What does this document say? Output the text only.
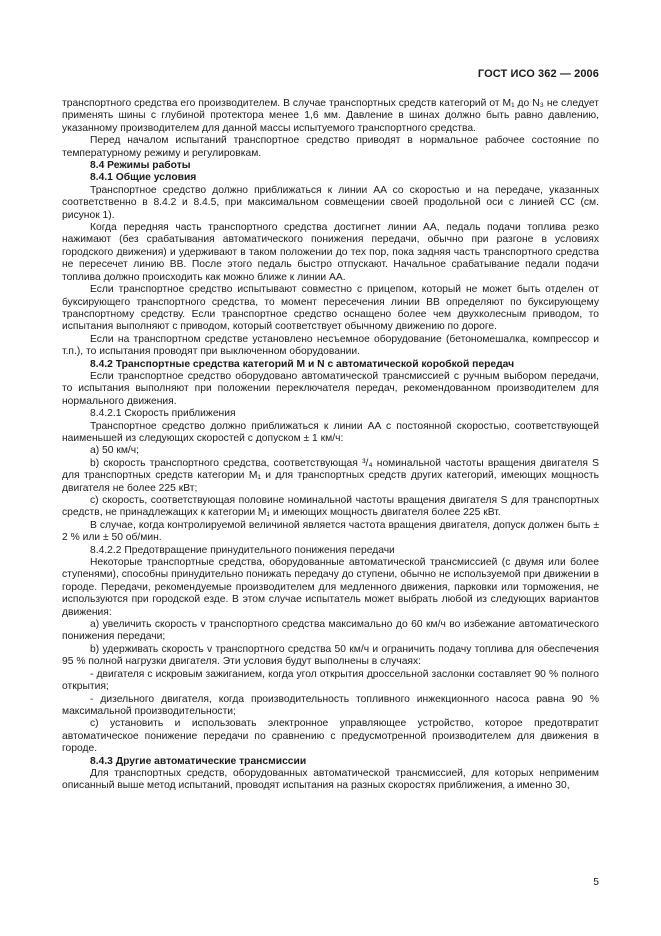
ГОСТ ИСО 362 — 2006

транспортного средства его производителем. В случае транспортных средств категорий от M₁ до N₃ не следует применять шины с глубиной протектора менее 1,6 мм. Давление в шинах должно быть равно давлению, указанному производителем для данной массы испытуемого транспортного средства.

Перед началом испытаний транспортное средство приводят в нормальное рабочее состояние по температурному режиму и регулировкам.

8.4 Режимы работы

8.4.1 Общие условия

Транспортное средство должно приближаться к линии AA со скоростью и на передаче, указанных соответственно в 8.4.2 и 8.4.5, при максимальном совмещении своей продольной оси с линией CC (см. рисунок 1).

Когда передняя часть транспортного средства достигнет линии AA, педаль подачи топлива резко нажимают (без срабатывания автоматического понижения передачи, обычно при разгоне в условиях городского движения) и удерживают в таком положении до тех пор, пока задняя часть транспортного средства не пересечет линию BB. После этого педаль быстро отпускают. Начальное срабатывание педали подачи топлива должно происходить как можно ближе к линии AA.

Если транспортное средство испытывают совместно с прицепом, который не может быть отделен от буксирующего транспортного средства, то момент пересечения линии BB определяют по буксирующему транспортному средству. Если транспортное средство оснащено более чем двухколесным приводом, то испытания выполняют с приводом, который соответствует обычному движению по дороге.

Если на транспортном средстве установлено несъемное оборудование (бетономешалка, компрессор и т.п.), то испытания проводят при выключенном оборудовании.

8.4.2 Транспортные средства категорий M и N с автоматической коробкой передач

Если транспортное средство оборудовано автоматической трансмиссией с ручным выбором передачи, то испытания выполняют при положении переключателя передач, рекомендованном производителем для нормального движения.

8.4.2.1 Скорость приближения

Транспортное средство должно приближаться к линии AA с постоянной скоростью, соответствующей наименьшей из следующих скоростей с допуском ± 1 км/ч:

a) 50 км/ч;

b) скорость транспортного средства, соответствующая ³/₄ номинальной частоты вращения двигателя S для транспортных средств категории M₁ и для транспортных средств других категорий, имеющих мощность двигателя не более 225 кВт;

c) скорость, соответствующая половине номинальной частоты вращения двигателя S для транспортных средств, не принадлежащих к категории M₁ и имеющих мощность двигателя более 225 кВт.

В случае, когда контролируемой величиной является частота вращения двигателя, допуск должен быть ± 2 % или ± 50 об/мин.

8.4.2.2 Предотвращение принудительного понижения передачи

Некоторые транспортные средства, оборудованные автоматической трансмиссией (с двумя или более ступенями), способны принудительно понижать передачу до ступени, обычно не используемой при движении в городе. Передачи, рекомендуемые производителем для медленного движения, парковки или торможения, не используются при городской езде. В этом случае испытатель может выбрать любой из следующих вариантов движения:

a) увеличить скорость v транспортного средства максимально до 60 км/ч во избежание автоматического понижения передачи;

b) удерживать скорость v транспортного средства 50 км/ч и ограничить подачу топлива для обеспечения 95 % полной нагрузки двигателя. Эти условия будут выполнены в случаях:

- двигателя с искровым зажиганием, когда угол открытия дроссельной заслонки составляет 90 % полного открытия;

- дизельного двигателя, когда производительность топливного инжекционного насоса равна 90 % максимальной производительности;

c) установить и использовать электронное управляющее устройство, которое предотвратит автоматическое понижение передачи по сравнению с предусмотренной производителем для движения в городе.

8.4.3 Другие автоматические трансмиссии

Для транспортных средств, оборудованных автоматической трансмиссией, для которых неприменим описанный выше метод испытаний, проводят испытания на разных скоростях приближения, а именно 30,

5
